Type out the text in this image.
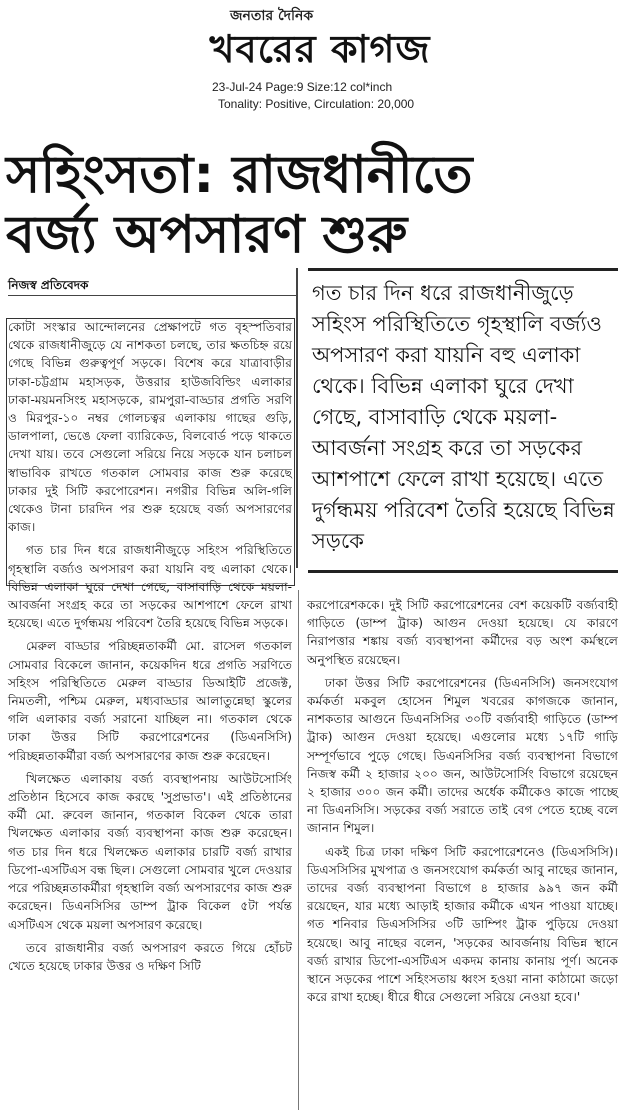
জনতার দৈনিক
খবরের কাগজ
23-Jul-24 Page:9 Size:12 col*inch
Tonality: Positive, Circulation: 20,000
সহিংসতা: রাজধানীতে
বর্জ্য অপসারণ শুরু
নিজস্ব প্রতিবেদক	গত চার দিন ধরে রাজধানীজুড়ে সহিংস পরিস্থিতিতে গৃহস্থালি বর্জ্যও অপসারণ করা যায়নি বহু এলাকা থেকে। বিভিন্ন এলাকা ঘুরে দেখা গেছে, বাসাবাড়ি থেকে ময়লা-আবর্জনা সংগ্রহ করে তা সড়কের আশপাশে ফেলে রাখা হয়েছে। এতে দুর্গন্ধময় পরিবেশ তৈরি হয়েছে বিভিন্ন সড়কে

কোটা সংস্কার আন্দোলনের প্রেক্ষাপটে গত বৃহস্পতিবার থেকে রাজধানীজুড়ে যে নাশকতা চলছে, তার ক্ষতচিহ্ন রয়ে গেছে বিভিন্ন গুরুত্বপূর্ণ সড়কে। বিশেষ করে যাত্রাবাড়ীর ঢাকা-চট্টগ্রাম মহাসড়ক, উত্তরার হাউজবিল্ডিং এলাকার ঢাকা-ময়মনসিংহ মহাসড়কে, রামপুরা-বাড্ডার প্রগতি সরণি ও মিরপুর-১০ নম্বর গোলচত্বর এলাকায় গাছের গুড়ি, ডালপালা, ভেঙে ফেলা ব্যারিকেড, বিলবোর্ড পড়ে থাকতে দেখা যায়। তবে সেগুলো সরিয়ে নিয়ে সড়কে যান চলাচল স্বাভাবিক রাখতে গতকাল সোমবার কাজ শুরু করেছে ঢাকার দুই সিটি করপোরেশন। নগরীর বিভিন্ন অলি-গলি থেকেও টানা চারদিন পর শুরু হয়েছে বর্জ্য অপসারণের কাজ।

গত চার দিন ধরে রাজধানীজুড়ে সহিংস পরিস্থিতিতে গৃহস্থালি বর্জ্যও অপসারণ করা যায়নি বহু এলাকা থেকে। বিভিন্ন এলাকা ঘুরে দেখা গেছে, বাসাবাড়ি থেকে ময়লা-আবর্জনা সংগ্রহ করে তা সড়কের আশপাশে ফেলে রাখা হয়েছে। এতে দুর্গন্ধময় পরিবেশ তৈরি হয়েছে বিভিন্ন সড়কে।

মেরুল বাড্ডার পরিচ্ছন্নতাকর্মী মো. রাসেল গতকাল সোমবার বিকেলে জানান, কয়েকদিন ধরে প্রগতি সরণিতে সহিংস পরিস্থিতিতে মেরুল বাড্ডার ডিআইটি প্রজেক্ট, নিমতলী, পশ্চিম মেরুল, মধ্যবাড্ডার আলাতুন্নেছা স্কুলের গলি এলাকার বর্জ্য সরানো যাচ্ছিল না। গতকাল থেকে ঢাকা উত্তর সিটি করপোরেশনের (ডিএনসিসি) পরিচ্ছন্নতাকর্মীরা বর্জ্য অপসারণের কাজ শুরু করেছেন।

খিলক্ষেত এলাকায় বর্জ্য ব্যবস্থাপনায় আউটসোর্সিং প্রতিষ্ঠান হিসেবে কাজ করছে 'সুপ্রভাত'। এই প্রতিষ্ঠানের কর্মী মো. রুবেল জানান, গতকাল বিকেল থেকে তারা খিলক্ষেত এলাকার বর্জ্য ব্যবস্থাপনা কাজ শুরু করেছেন। গত চার দিন ধরে খিলক্ষেত এলাকার চারটি বর্জ্য রাখার ডিপো-এসটিএস বন্ধ ছিল। সেগুলো সোমবার খুলে দেওয়ার পরে পরিচ্ছন্নতাকর্মীরা গৃহস্থালি বর্জ্য অপসারণের কাজ শুরু করেছেন। ডিএনসিসির ডাম্প ট্রাক বিকেল ৫টা পর্যন্ত এসটিএস থেকে ময়লা অপসারণ করেছে।

তবে রাজধানীর বর্জ্য অপসারণ করতে গিয়ে হোঁচট খেতে হয়েছে ঢাকার উত্তর ও দক্ষিণ সিটি

করপোরেশককে। দুই সিটি করপোরেশনের বেশ কয়েকটি বর্জ্যবাহী গাড়িতে (ডাম্প ট্রাক) আগুন দেওয়া হয়েছে। যে কারণে নিরাপত্তার শঙ্কায় বর্জ্য ব্যবস্থাপনা কর্মীদের বড় অংশ কর্মস্থলে অনুপস্থিত রয়েছেন।

ঢাকা উত্তর সিটি করপোরেশনের (ডিএনসিসি) জনসংযোগ কর্মকর্তা মকবুল হোসেন শিমুল খবরের কাগজকে জানান, নাশকতার আগুনে ডিএনসিসির ৩০টি বর্জ্যবাহী গাড়িতে (ডাম্প ট্রাক) আগুন দেওয়া হয়েছে। এগুলোর মধ্যে ১৭টি গাড়ি সম্পূর্ণভাবে পুড়ে গেছে। ডিএনসিসির বর্জ্য ব্যবস্থাপনা বিভাগে নিজস্ব কর্মী ২ হাজার ২০০ জন, আউটসোর্সিং বিভাগে রয়েছেন ২ হাজার ৩০০ জন কর্মী। তাদের অর্ধেক কর্মীকেও কাজে পাচ্ছে না ডিএনসিসি। সড়কের বর্জ্য সরাতে তাই বেগ পেতে হচ্ছে বলে জানান শিমুল।

একই চিত্র ঢাকা দক্ষিণ সিটি করপোরেশনেও (ডিএসসিসি)। ডিএসসিসির মুখপাত্র ও জনসংযোগ কর্মকর্তা আবু নাছের জানান, তাদের বর্জ্য ব্যবস্থাপনা বিভাগে ৪ হাজার ৯৯৭ জন কর্মী রয়েছেন, যার মধ্যে আড়াই হাজার কর্মীকে এখন পাওয়া যাচ্ছে। গত শনিবার ডিএসসিসির ৩টি ডাম্পিং ট্রাক পুড়িয়ে দেওয়া হয়েছে। আবু নাছের বলেন, 'সড়কের আবর্জনায় বিভিন্ন স্থানে বর্জ্য রাখার ডিপো-এসটিএস একদম কানায় কানায় পূর্ণ। অনেক স্থানে সড়কের পাশে সহিংসতায় ধ্বংস হওয়া নানা কাঠামো জড়ো করে রাখা হচ্ছে। ধীরে ধীরে সেগুলো সরিয়ে নেওয়া হবে।'
